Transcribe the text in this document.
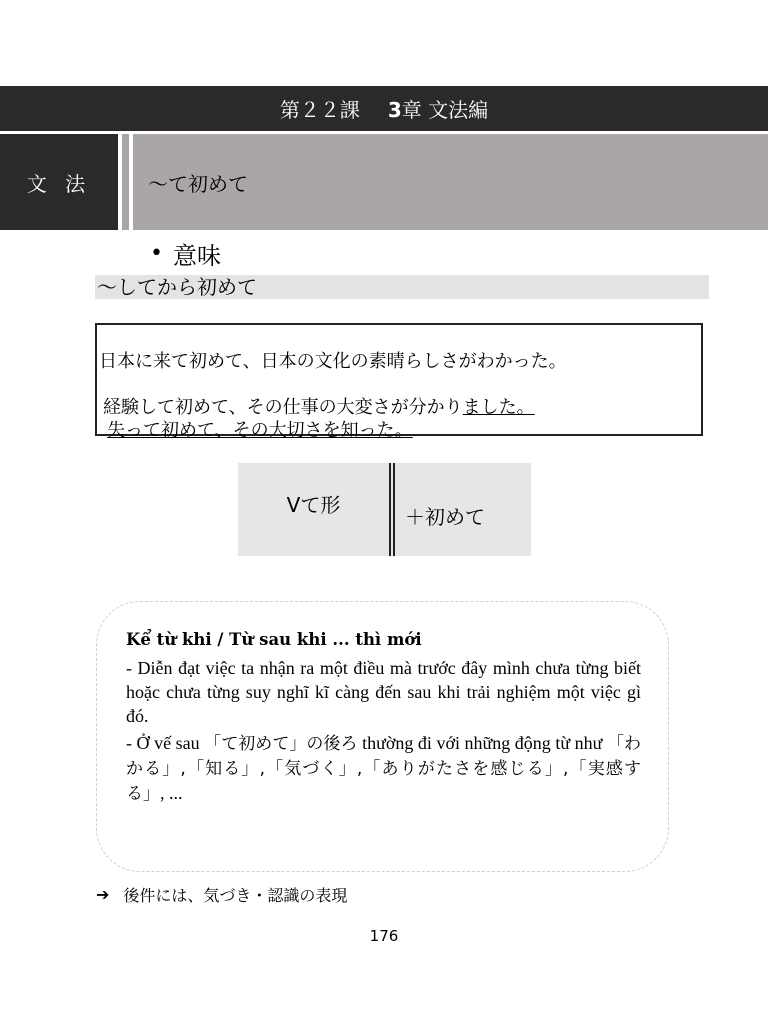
第２２課 3章 文法編
文 法	〜て初めて
• 意味
〜してから初めて
日本に来て初めて、日本の文化の素晴らしさがわかった。
経験して初めて、その仕事の大変さが分かりました。
失って初めて、その大切さを知った。
Vて形	＋初めて
Kể từ khi / Từ sau khi ... thì mới
- Diễn đạt việc ta nhận ra một điều mà trước đây mình chưa từng biết hoặc chưa từng suy nghĩ kĩ càng đến sau khi trải nghiệm một việc gì đó.
- Ở vế sau 「て初めて」の後ろ thường đi với những động từ như 「わかる」,「知る」,「気づく」,「ありがたさを感じる」,「実感する」, ...
➔ 後件には、気づき・認識の表現
176
